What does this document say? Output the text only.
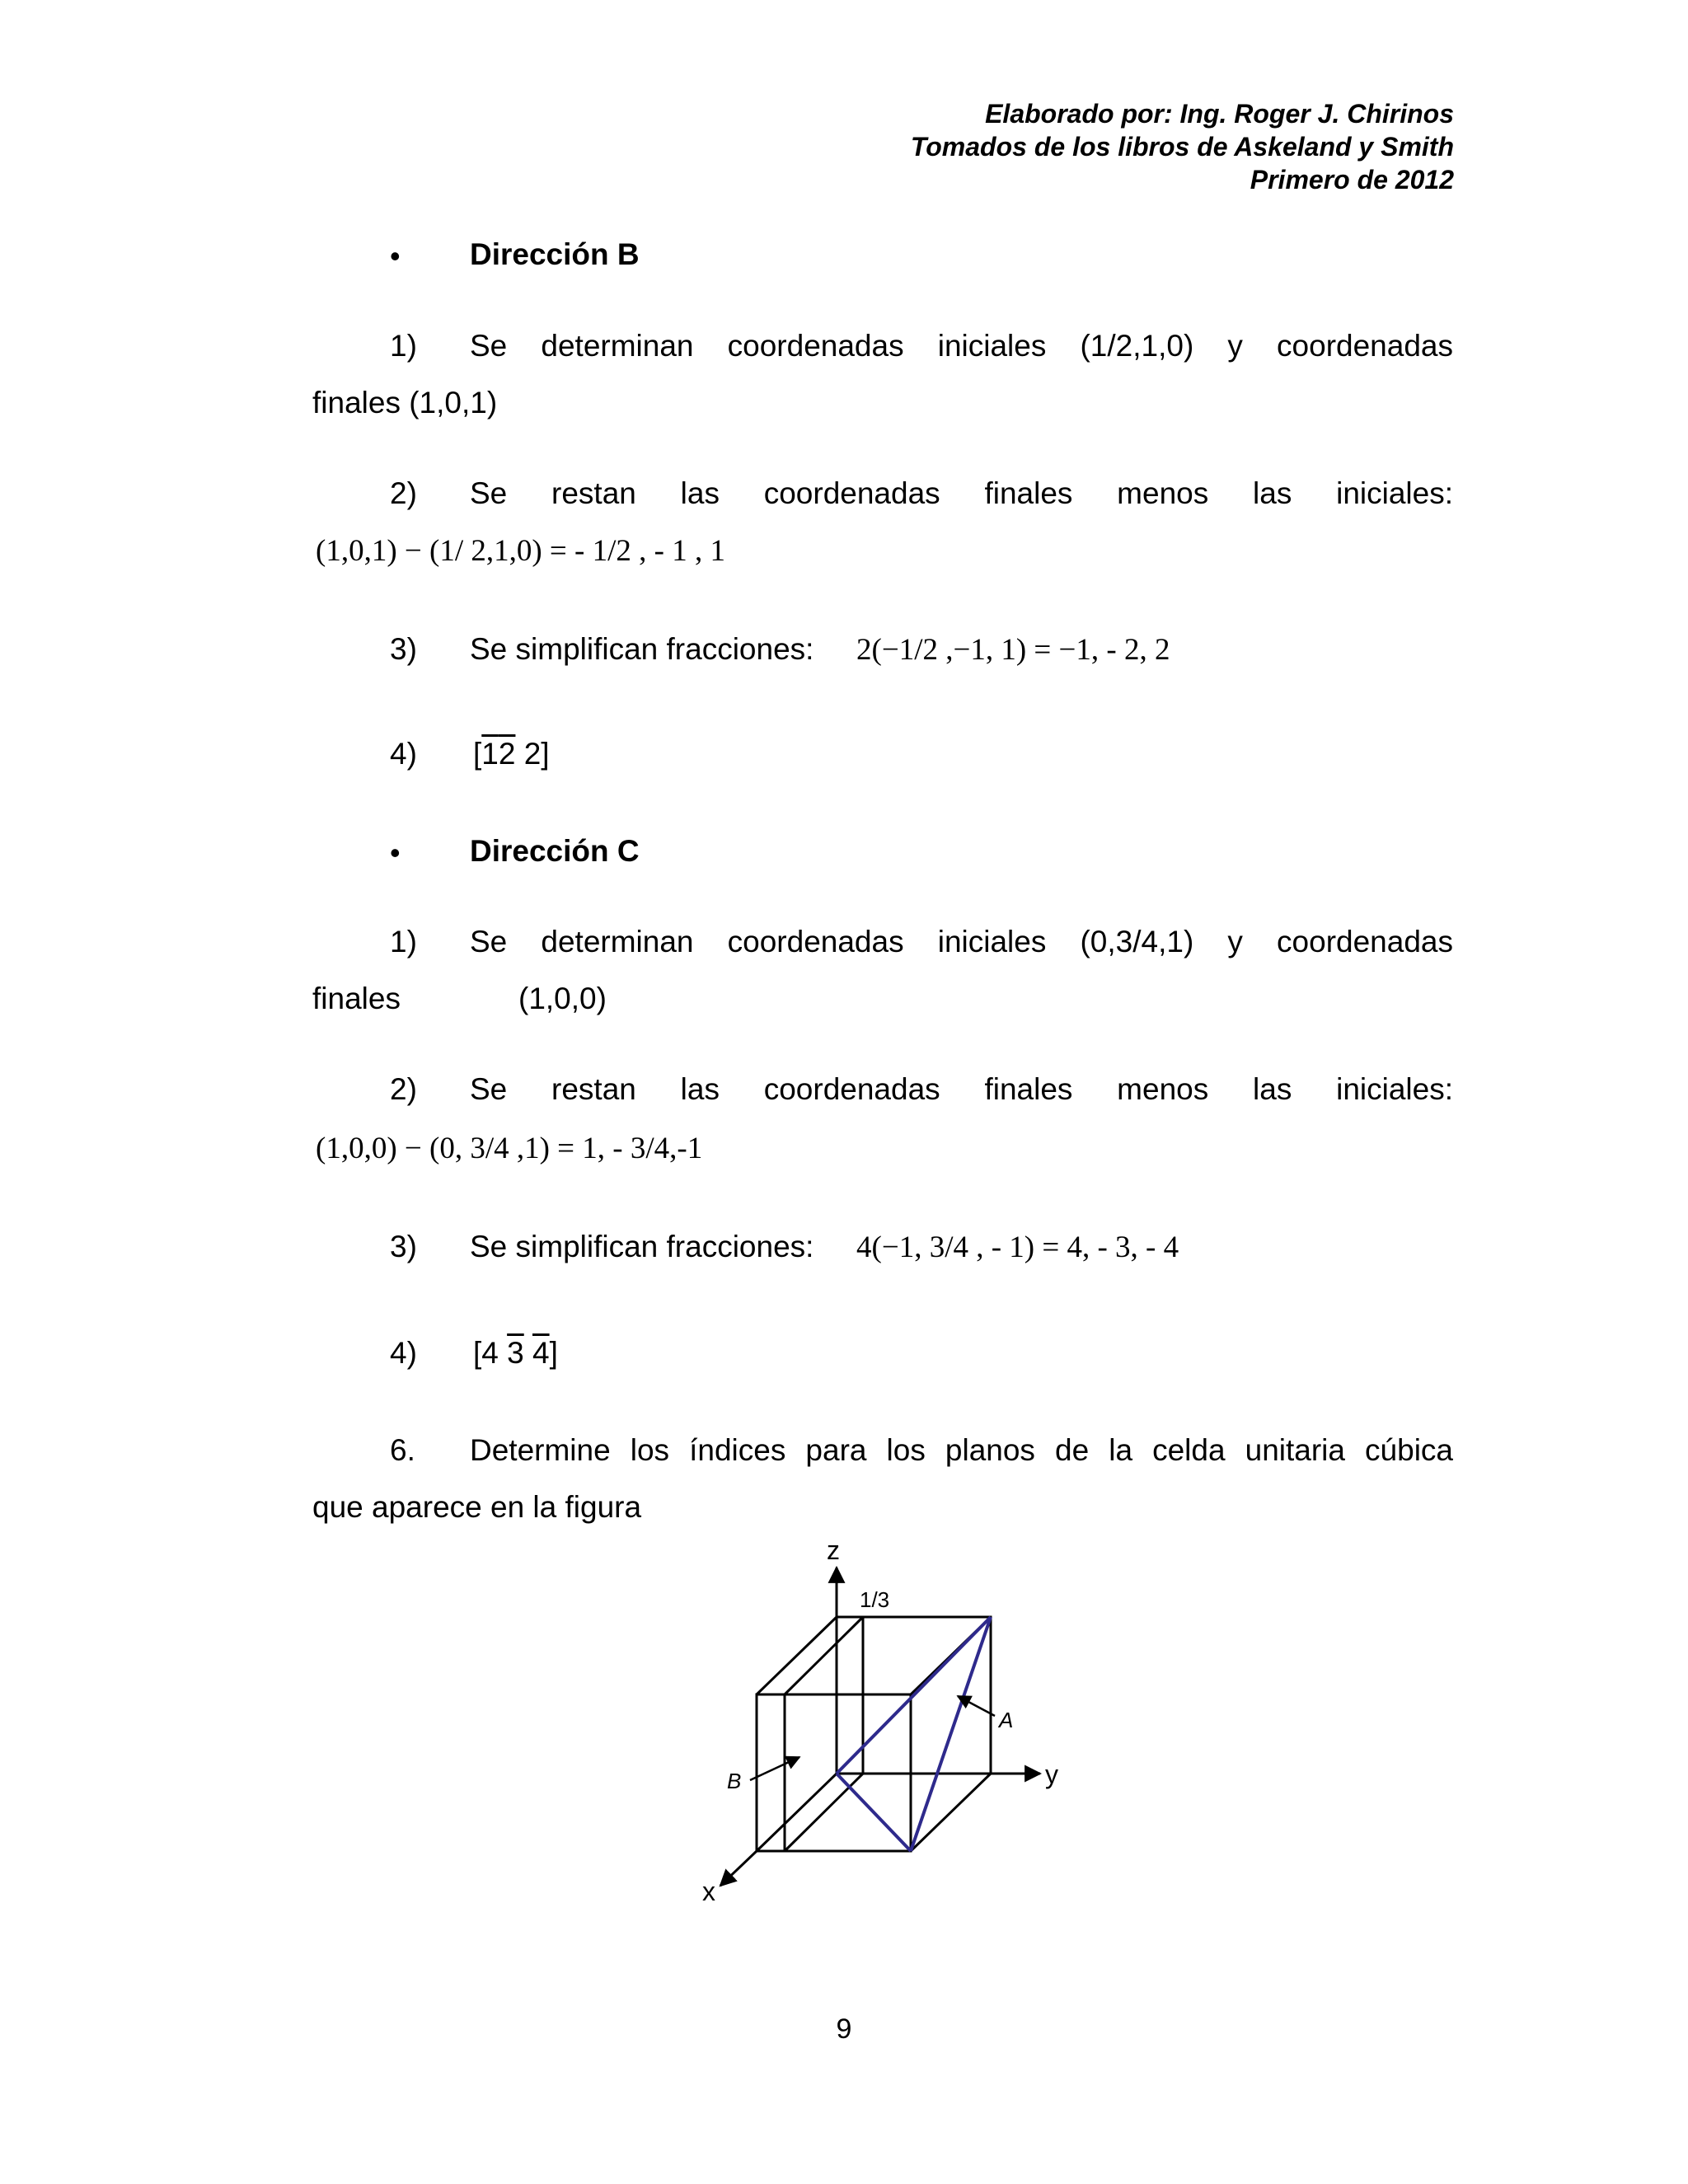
Elaborado por: Ing. Roger J. Chirinos
Tomados de los libros de Askeland y Smith
Primero de 2012
• Dirección B
1) Se determinan coordenadas iniciales (1/2,1,0) y coordenadas
finales (1,0,1)
2) Se restan las coordenadas finales menos las iniciales:
(1,0,1) − (1/ 2,1,0) = - 1/2 , - 1 , 1
3) Se simplifican fracciones: 2(−1/2 ,−1, 1) = −1, - 2, 2
4) [12 2]
• Dirección C
1) Se determinan coordenadas iniciales (0,3/4,1) y coordenadas
finales	(1,0,0)
2) Se restan las coordenadas finales menos las iniciales:
(1,0,0) − (0, 3/4 ,1) = 1, - 3/4,-1
3) Se simplifican fracciones: 4(−1, 3/4 , - 1) = 4, - 3, - 4
4) [4 3 4]
6. Determine los índices para los planos de la celda unitaria cúbica
que aparece en la figura
z
y
x
1/3
A
B
9
